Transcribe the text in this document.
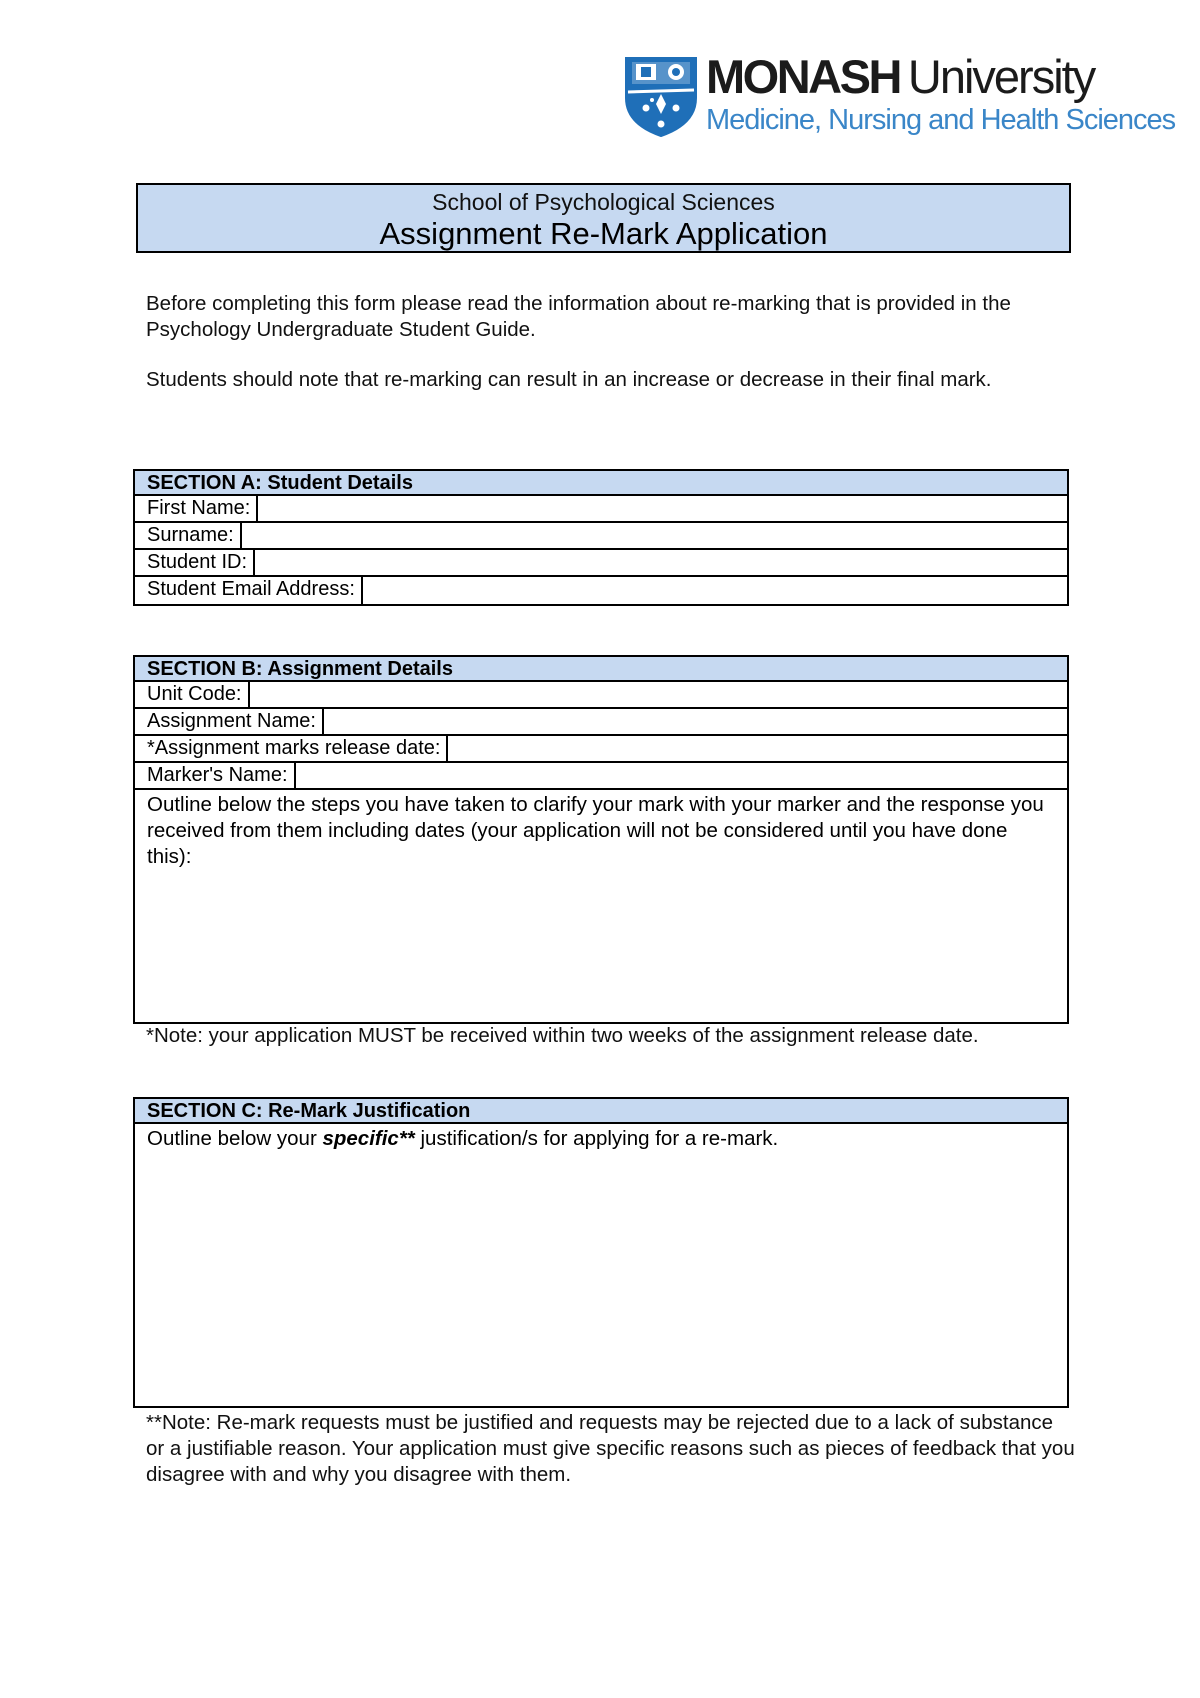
MONASH University
Medicine, Nursing and Health Sciences
School of Psychological Sciences
Assignment Re-Mark Application
Before completing this form please read the information about re-marking that is provided in the Psychology Undergraduate Student Guide.
Students should note that re-marking can result in an increase or decrease in their final mark.
SECTION A: Student Details
First Name:
Surname:
Student ID:
Student Email Address:
SECTION B: Assignment Details
Unit Code:
Assignment Name:
*Assignment marks release date:
Marker's Name:
Outline below the steps you have taken to clarify your mark with your marker and the response you received from them including dates (your application will not be considered until you have done this):
*Note: your application MUST be received within two weeks of the assignment release date.
SECTION C: Re-Mark Justification
Outline below your specific** justification/s for applying for a re-mark.
**Note: Re-mark requests must be justified and requests may be rejected due to a lack of substance or a justifiable reason. Your application must give specific reasons such as pieces of feedback that you disagree with and why you disagree with them.
